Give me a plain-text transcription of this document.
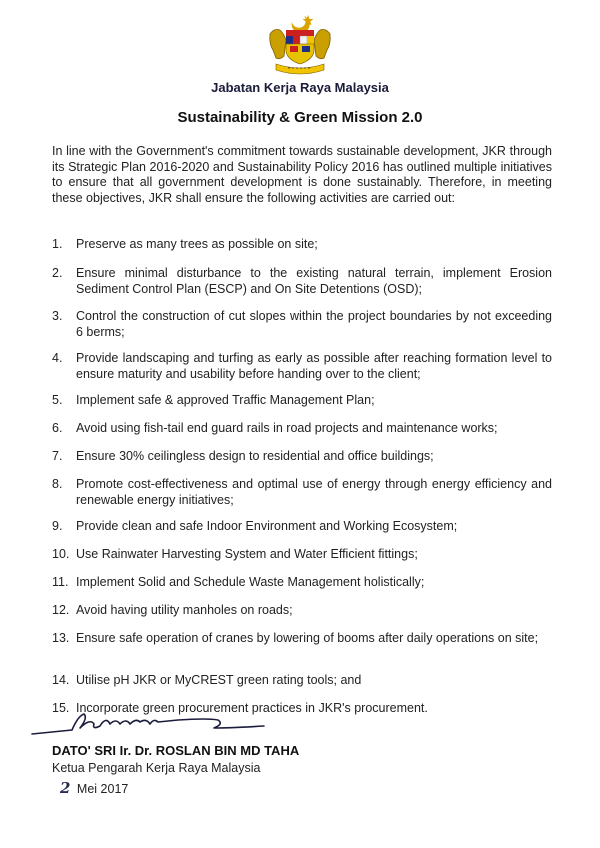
Jabatan Kerja Raya Malaysia
Sustainability & Green Mission 2.0

In line with the Government's commitment towards sustainable development, JKR through its Strategic Plan 2016-2020 and Sustainability Policy 2016 has outlined multiple initiatives to ensure that all government development is done sustainably. Therefore, in meeting these objectives, JKR shall ensure the following activities are carried out:

1.	Preserve as many trees as possible on site;
2.	Ensure minimal disturbance to the existing natural terrain, implement Erosion Sediment Control Plan (ESCP) and On Site Detentions (OSD);
3.	Control the construction of cut slopes within the project boundaries by not exceeding 6 berms;
4.	Provide landscaping and turfing as early as possible after reaching formation level to ensure maturity and usability before handing over to the client;
5.	Implement safe & approved Traffic Management Plan;
6.	Avoid using fish-tail end guard rails in road projects and maintenance works;
7.	Ensure 30% ceilingless design to residential and office buildings;
8.	Promote cost-effectiveness and optimal use of energy through energy efficiency and renewable energy initiatives;
9.	Provide clean and safe Indoor Environment and Working Ecosystem;
10. Use Rainwater Harvesting System and Water Efficient fittings;
11. Implement Solid and Schedule Waste Management holistically;
12. Avoid having utility manholes on roads;
13. Ensure safe operation of cranes by lowering of booms after daily operations on site;
14. Utilise pH JKR or MyCREST green rating tools; and
15. Incorporate green procurement practices in JKR's procurement.
DATO' SRI Ir. Dr. ROSLAN BIN MD TAHA
Ketua Pengarah Kerja Raya Malaysia
2 Mei 2017
